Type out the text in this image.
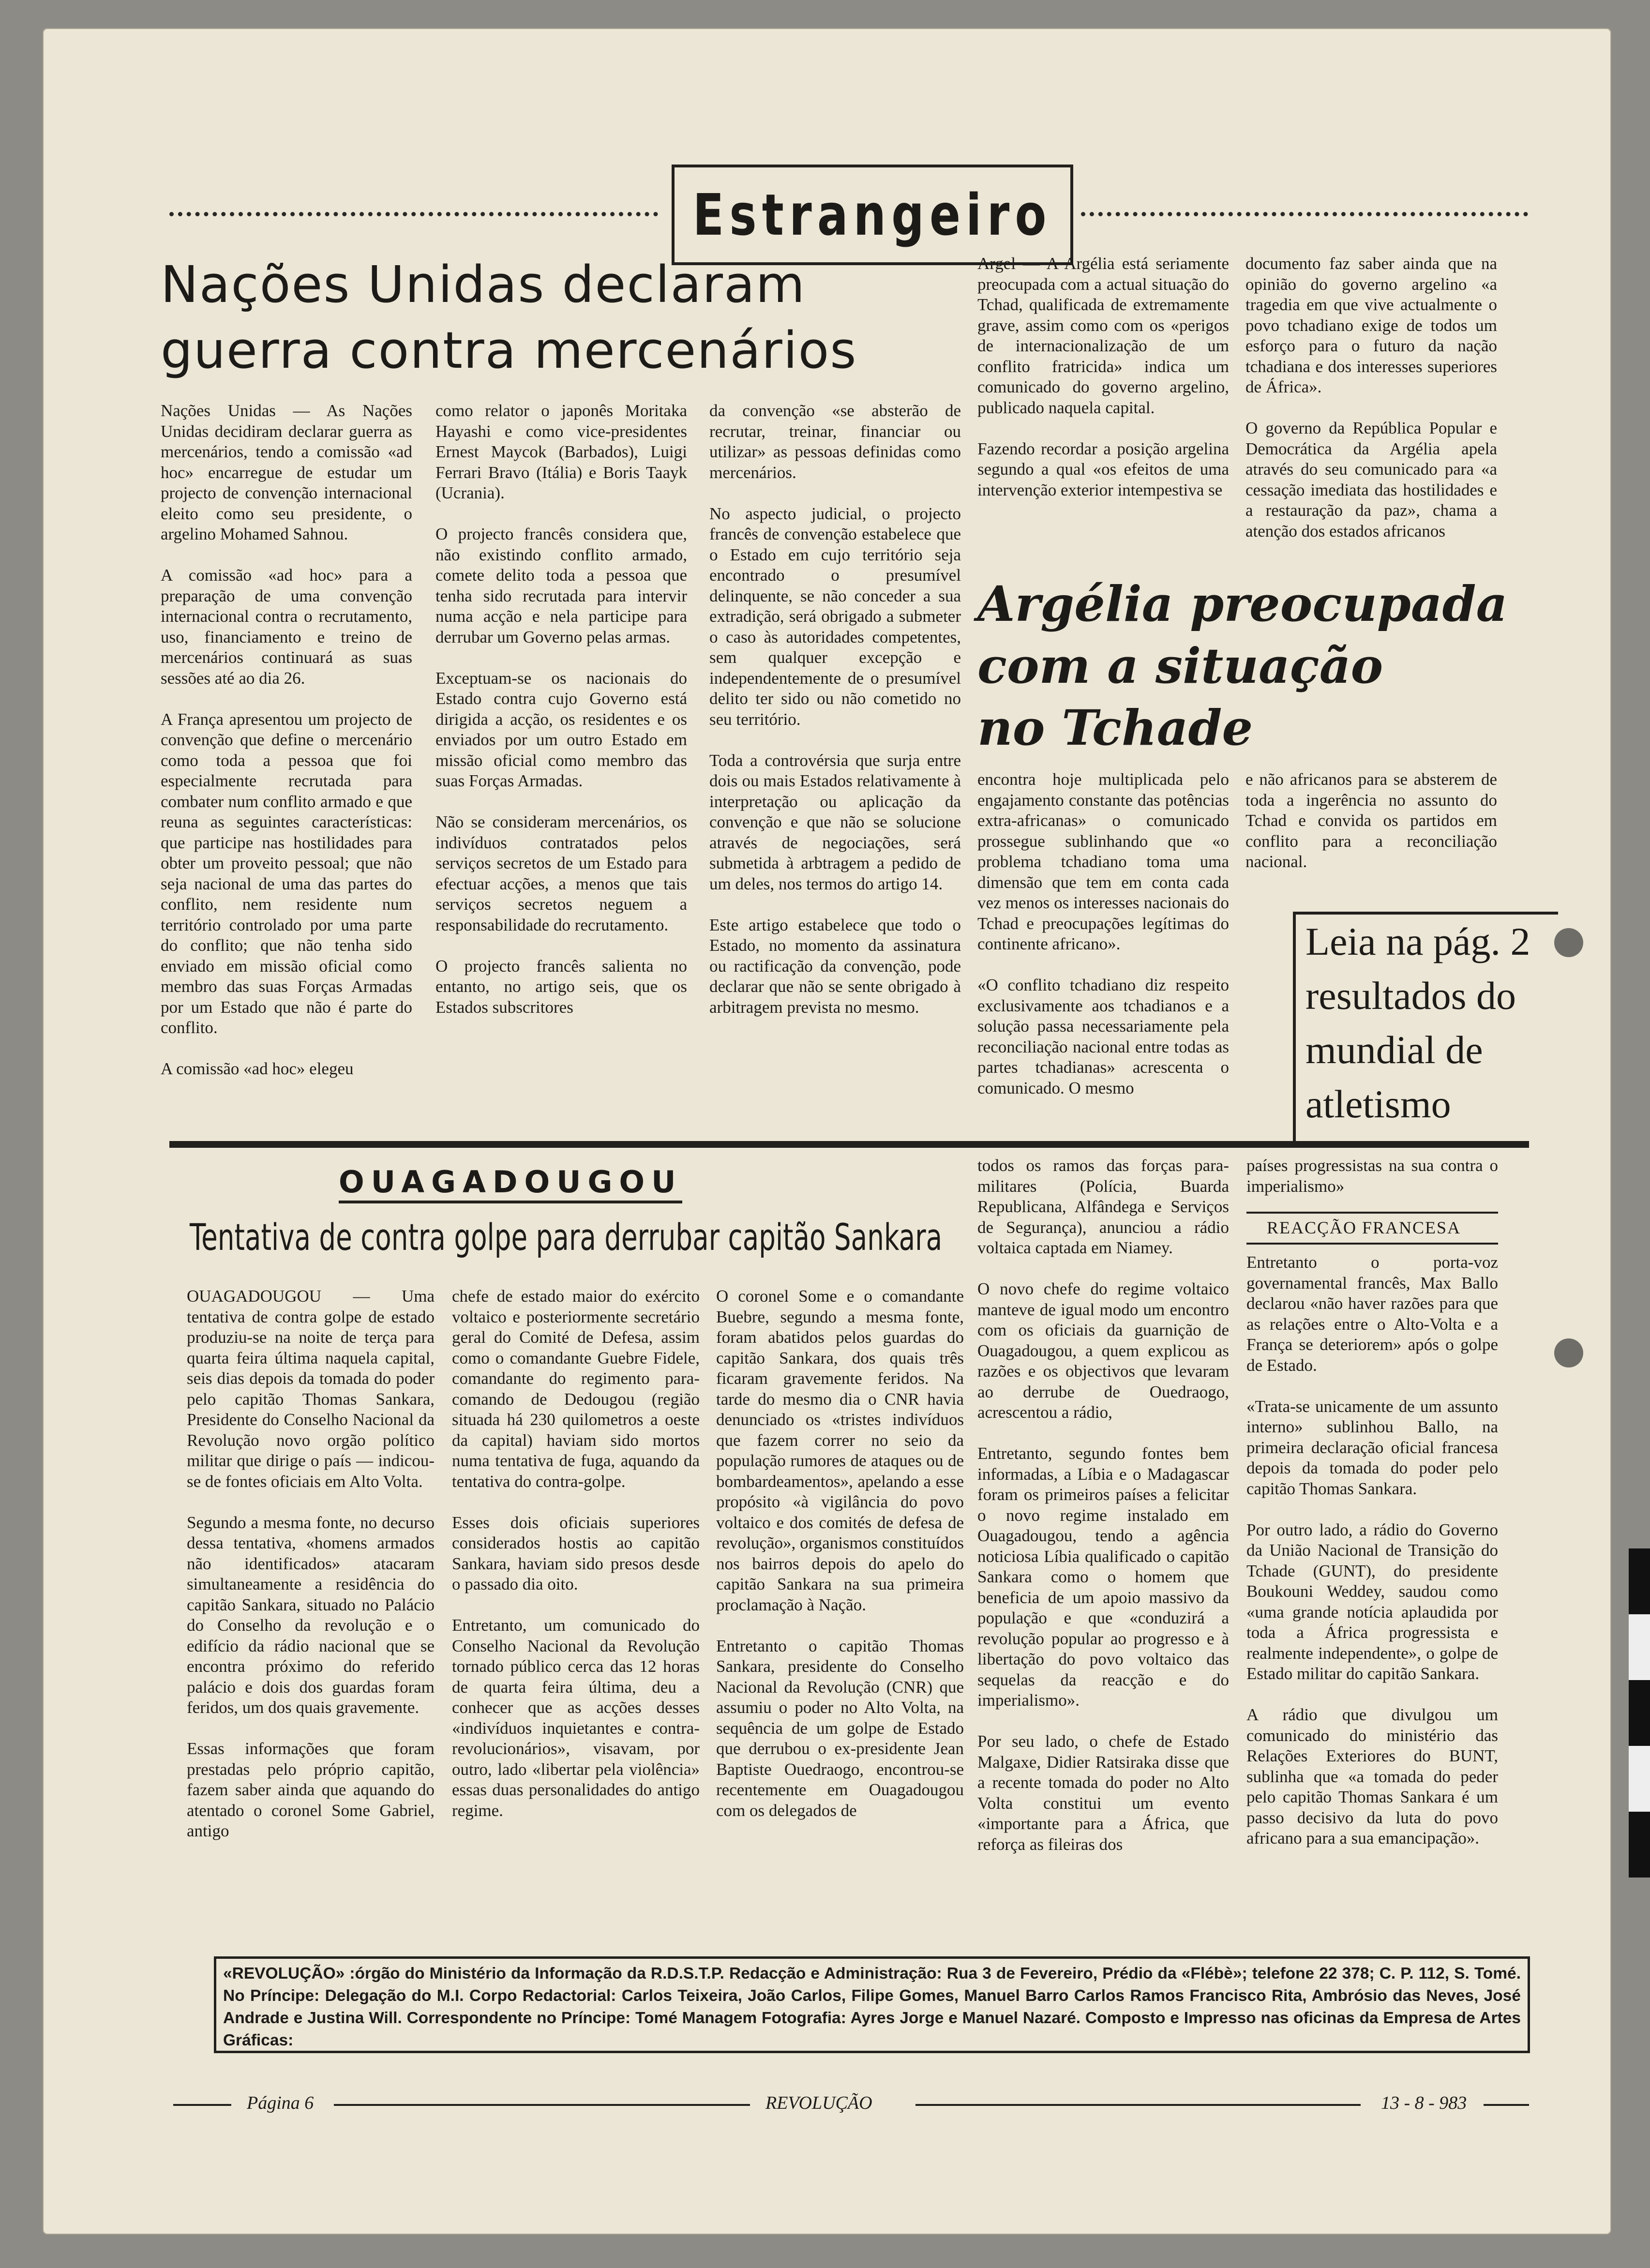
Estrangeiro
Nações Unidas declaram
guerra contra mercenários
Nações Unidas — As Nações Unidas decidiram declarar guerra as mercenários, tendo a comissão «ad hoc» encarregue de estudar um projecto de convenção internacional eleito como seu presidente, o argelino Mohamed Sahnou.

A comissão «ad hoc» para a preparação de uma convenção internacional contra o recrutamento, uso, financiamento e treino de mercenários continuará as suas sessões até ao dia 26.

A França apresentou um projecto de convenção que define o mercenário como toda a pessoa que foi especialmente recrutada para combater num conflito armado e que reuna as seguintes características: que participe nas hostilidades para obter um proveito pessoal; que não seja nacional de uma das partes do conflito, nem residente num território controlado por uma parte do conflito; que não tenha sido enviado em missão oficial como membro das suas Forças Armadas por um Estado que não é parte do conflito.

A comissão «ad hoc» elegeu
como relator o japonês Moritaka Hayashi e como vice-presidentes Ernest Maycok (Barbados), Luigi Ferrari Bravo (Itália) e Boris Taayk (Ucrania).

O projecto francês considera que, não existindo conflito armado, comete delito toda a pessoa que tenha sido recrutada para intervir numa acção e nela participe para derrubar um Governo pelas armas.

Exceptuam-se os nacionais do Estado contra cujo Governo está dirigida a acção, os residentes e os enviados por um outro Estado em missão oficial como membro das suas Forças Armadas.

Não se consideram mercenários, os indivíduos contratados pelos serviços secretos de um Estado para efectuar acções, a menos que tais serviços secretos neguem a responsabilidade do recrutamento.

O projecto francês salienta no entanto, no artigo seis, que os Estados subscritores
da convenção «se absterão de recrutar, treinar, financiar ou utilizar» as pessoas definidas como mercenários.

No aspecto judicial, o projecto francês de convenção estabelece que o Estado em cujo território seja encontrado o presumível delinquente, se não conceder a sua extradição, será obrigado a submeter o caso às autoridades competentes, sem qualquer excepção e independentemente de o presumível delito ter sido ou não cometido no seu território.

Toda a controvérsia que surja entre dois ou mais Estados relativamente à interpretação ou aplicação da convenção e que não se solucione através de negociações, será submetida à arbtragem a pedido de um deles, nos termos do artigo 14.

Este artigo estabelece que todo o Estado, no momento da assinatura ou ractificação da convenção, pode declarar que não se sente obrigado à arbitragem prevista no mesmo.
Argel — A Argélia está seriamente preocupada com a actual situação do Tchad, qualificada de extremamente grave, assim como com os «perigos de internacionalização de um conflito fratricida» indica um comunicado do governo argelino, publicado naquela capital.

Fazendo recordar a posição argelina segundo a qual «os efeitos de uma intervenção exterior intempestiva se
documento faz saber ainda que na opinião do governo argelino «a tragedia em que vive actualmente o povo tchadiano exige de todos um esforço para o futuro da nação tchadiana e dos interesses superiores de África».

O governo da República Popular e Democrática da Argélia apela através do seu comunicado para «a cessação imediata das hostilidades e a restauração da paz», chama a atenção dos estados africanos
Argélia preocupada
com a situação
no Tchade
encontra hoje multiplicada pelo engajamento constante das potências extra-africanas» o comunicado prossegue sublinhando que «o problema tchadiano toma uma dimensão que tem em conta cada vez menos os interesses nacionais do Tchad e preocupações legítimas do continente africano».

«O conflito tchadiano diz respeito exclusivamente aos tchadianos e a solução passa necessariamente pela reconciliação nacional entre todas as partes tchadianas» acrescenta o comunicado. O mesmo
e não africanos para se absterem de toda a ingerência no assunto do Tchad e convida os partidos em conflito para a reconciliação nacional.
Leia na pág. 2 resultados do mundial de atletismo
OUAGADOUGOU
Tentativa de contra golpe para derrubar capitão Sankara
OUAGADOUGOU — Uma tentativa de contra golpe de estado produziu-se na noite de terça para quarta feira última naquela capital, seis dias depois da tomada do poder pelo capitão Thomas Sankara, Presidente do Conselho Nacional da Revolução novo orgão político militar que dirige o país — indicou-se de fontes oficiais em Alto Volta.

Segundo a mesma fonte, no decurso dessa tentativa, «homens armados não identificados» atacaram simultaneamente a residência do capitão Sankara, situado no Palácio do Conselho da revolução e o edifício da rádio nacional que se encontra próximo do referido palácio e dois dos guardas foram feridos, um dos quais gravemente.

Essas informações que foram prestadas pelo próprio capitão, fazem saber ainda que aquando do atentado o coronel Some Gabriel, antigo
chefe de estado maior do exército voltaico e posteriormente secretário geral do Comité de Defesa, assim como o comandante Guebre Fidele, comandante do regimento para-comando de Dedougou (região situada há 230 quilometros a oeste da capital) haviam sido mortos numa tentativa de fuga, aquando da tentativa do contra-golpe.

Esses dois oficiais superiores considerados hostis ao capitão Sankara, haviam sido presos desde o passado dia oito.

Entretanto, um comunicado do Conselho Nacional da Revolução tornado público cerca das 12 horas de quarta feira última, deu a conhecer que as acções desses «indivíduos inquietantes e contra-revolucionários», visavam, por outro, lado «libertar pela violência» essas duas personalidades do antigo regime.
O coronel Some e o comandante Buebre, segundo a mesma fonte, foram abatidos pelos guardas do capitão Sankara, dos quais três ficaram gravemente feridos. Na tarde do mesmo dia o CNR havia denunciado os «tristes indivíduos que fazem correr no seio da população rumores de ataques ou de bombardeamentos», apelando a esse propósito «à vigilância do povo voltaico e dos comités de defesa de revolução», organismos constituídos nos bairros depois do apelo do capitão Sankara na sua primeira proclamação à Nação.

Entretanto o capitão Thomas Sankara, presidente do Conselho Nacional da Revolução (CNR) que assumiu o poder no Alto Volta, na sequência de um golpe de Estado que derrubou o ex-presidente Jean Baptiste Ouedraogo, encontrou-se recentemente em Ouagadougou com os delegados de
todos os ramos das forças para-militares (Polícia, Buarda Republicana, Alfândega e Serviços de Segurança), anunciou a rádio voltaica captada em Niamey.

O novo chefe do regime voltaico manteve de igual modo um encontro com os oficiais da guarnição de Ouagadougou, a quem explicou as razões e os objectivos que levaram ao derrube de Ouedraogo, acrescentou a rádio,

Entretanto, segundo fontes bem informadas, a Líbia e o Madagascar foram os primeiros países a felicitar o novo regime instalado em Ouagadougou, tendo a agência noticiosa Líbia qualificado o capitão Sankara como o homem que beneficia de um apoio massivo da população e que «conduzirá a revolução popular ao progresso e à libertação do povo voltaico das sequelas da reacção e do imperialismo».

Por seu lado, o chefe de Estado Malgaxe, Didier Ratsiraka disse que a recente tomada do poder no Alto Volta constitui um evento «importante para a África, que reforça as fileiras dos
países progressistas na sua contra o imperialismo»
REACÇÃO FRANCESA
Entretanto o porta-voz governamental francês, Max Ballo declarou «não haver razões para que as relações entre o Alto-Volta e a França se deteriorem» após o golpe de Estado.

«Trata-se unicamente de um assunto interno» sublinhou Ballo, na primeira declaração oficial francesa depois da tomada do poder pelo capitão Thomas Sankara.

Por outro lado, a rádio do Governo da União Nacional de Transição do Tchade (GUNT), do presidente Boukouni Weddey, saudou como «uma grande notícia aplaudida por toda a África progressista e realmente independente», o golpe de Estado militar do capitão Sankara.

A rádio que divulgou um comunicado do ministério das Relações Exteriores do BUNT, sublinha que «a tomada do peder pelo capitão Thomas Sankara é um passo decisivo da luta do povo africano para a sua emancipação».
«REVOLUÇÃO» :órgão do Ministério da Informação da R.D.S.T.P. Redacção e Administração: Rua 3 de Fevereiro, Prédio da «Flébè»; telefone 22 378; C. P. 112, S. Tomé. No Príncipe: Delegação do M.I. Corpo Redactorial: Carlos Teixeira, João Carlos, Filipe Gomes, Manuel Barro Carlos Ramos Francisco Rita, Ambrósio das Neves, José Andrade e Justina Will. Correspondente no Príncipe: Tomé Managem Fotografia: Ayres Jorge e Manuel Nazaré. Composto e Impresso nas oficinas da Empresa de Artes Gráficas:
Página 6	REVOLUÇÃO	13 - 8 - 983
